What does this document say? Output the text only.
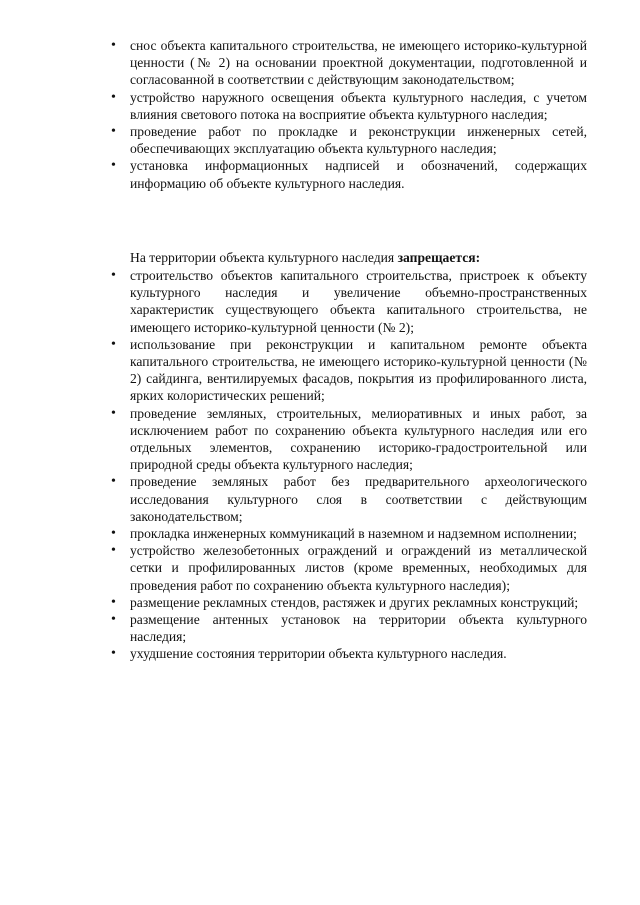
• снос объекта капитального строительства, не имеющего историко-культурной ценности (№ 2) на основании проектной документации, подготовленной и согласованной в соответствии с действующим законодательством;
• устройство наружного освещения объекта культурного наследия, с учетом влияния светового потока на восприятие объекта культурного наследия;
• проведение работ по прокладке и реконструкции инженерных сетей, обеспечивающих эксплуатацию объекта культурного наследия;
• установка информационных надписей и обозначений, содержащих информацию об объекте культурного наследия.
На территории объекта культурного наследия запрещается:
• строительство объектов капитального строительства, пристроек к объекту культурного наследия и увеличение объемно-пространственных характеристик существующего объекта капитального строительства, не имеющего историко-культурной ценности (№ 2);
• использование при реконструкции и капитальном ремонте объекта капитального строительства, не имеющего историко-культурной ценности (№ 2) сайдинга, вентилируемых фасадов, покрытия из профилированного листа, ярких колористических решений;
• проведение земляных, строительных, мелиоративных и иных работ, за исключением работ по сохранению объекта культурного наследия или его отдельных элементов, сохранению историко-градостроительной или природной среды объекта культурного наследия;
• проведение земляных работ без предварительного археологического исследования культурного слоя в соответствии с действующим законодательством;
• прокладка инженерных коммуникаций в наземном и надземном исполнении;
• устройство железобетонных ограждений и ограждений из металлической сетки и профилированных листов (кроме временных, необходимых для проведения работ по сохранению объекта культурного наследия);
• размещение рекламных стендов, растяжек и других рекламных конструкций;
• размещение антенных установок на территории объекта культурного наследия;
• ухудшение состояния территории объекта культурного наследия.
